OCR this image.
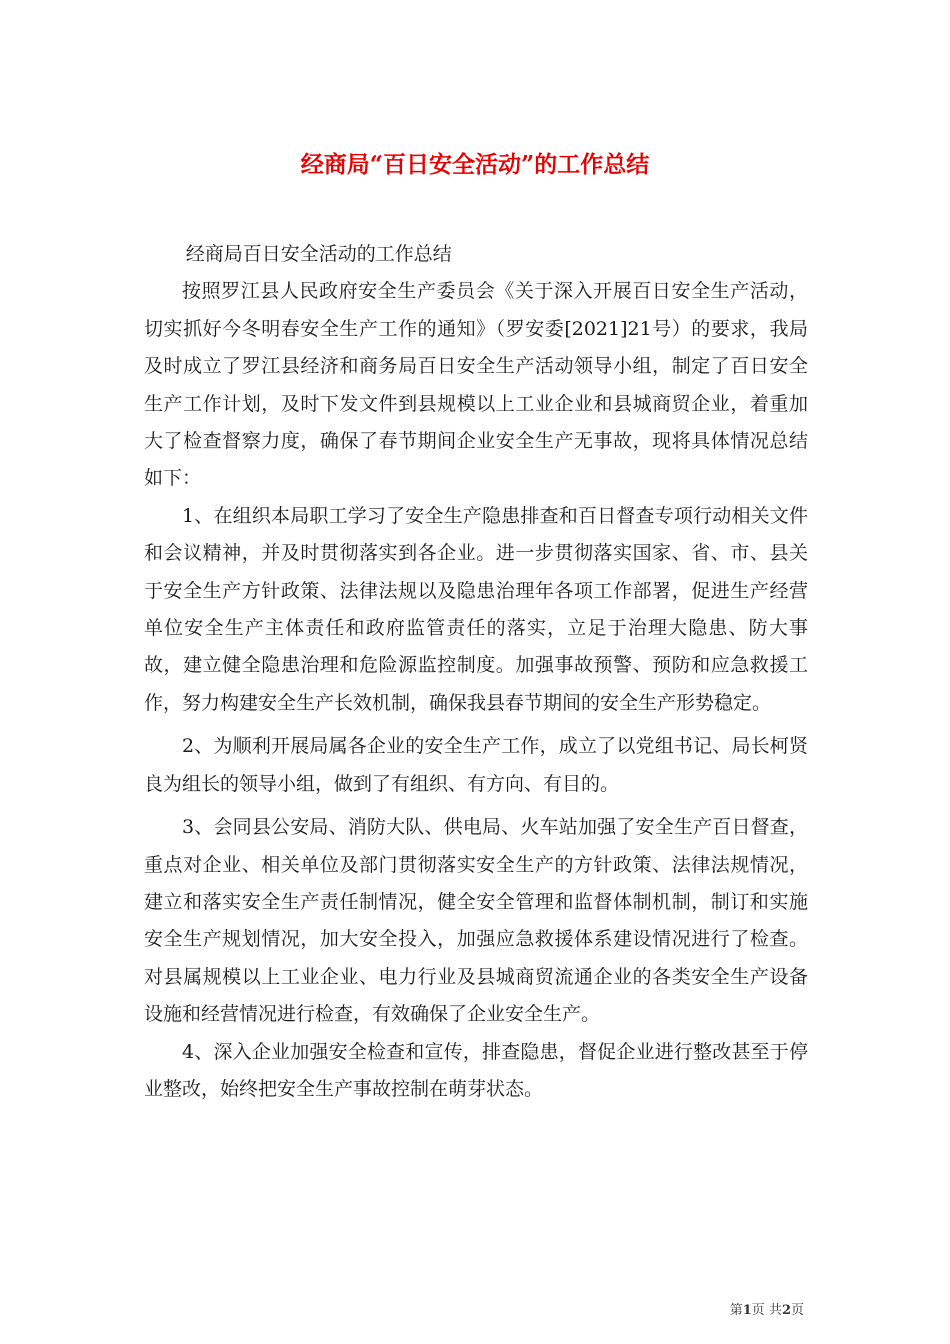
经商局“百日安全活动”的工作总结

经商局百日安全活动的工作总结

按照罗江县人民政府安全生产委员会《关于深入开展百日安全生产活动，切实抓好今冬明春安全生产工作的通知》（罗安委[2021]21号）的要求，我局及时成立了罗江县经济和商务局百日安全生产活动领导小组，制定了百日安全生产工作计划，及时下发文件到县规模以上工业企业和县城商贸企业，着重加大了检查督察力度，确保了春节期间企业安全生产无事故，现将具体情况总结如下：

1、在组织本局职工学习了安全生产隐患排查和百日督查专项行动相关文件和会议精神，并及时贯彻落实到各企业。进一步贯彻落实国家、省、市、县关于安全生产方针政策、法律法规以及隐患治理年各项工作部署，促进生产经营单位安全生产主体责任和政府监管责任的落实，立足于治理大隐患、防大事故，建立健全隐患治理和危险源监控制度。加强事故预警、预防和应急救援工作，努力构建安全生产长效机制，确保我县春节期间的安全生产形势稳定。

2、为顺利开展局属各企业的安全生产工作，成立了以党组书记、局长柯贤良为组长的领导小组，做到了有组织、有方向、有目的。

3、会同县公安局、消防大队、供电局、火车站加强了安全生产百日督查，重点对企业、相关单位及部门贯彻落实安全生产的方针政策、法律法规情况，建立和落实安全生产责任制情况，健全安全管理和监督体制机制，制订和实施安全生产规划情况，加大安全投入，加强应急救援体系建设情况进行了检查。对县属规模以上工业企业、电力行业及县城商贸流通企业的各类安全生产设备设施和经营情况进行检查，有效确保了企业安全生产。

4、深入企业加强安全检查和宣传，排查隐患，督促企业进行整改甚至于停业整改，始终把安全生产事故控制在萌芽状态。

第1页 共2页
